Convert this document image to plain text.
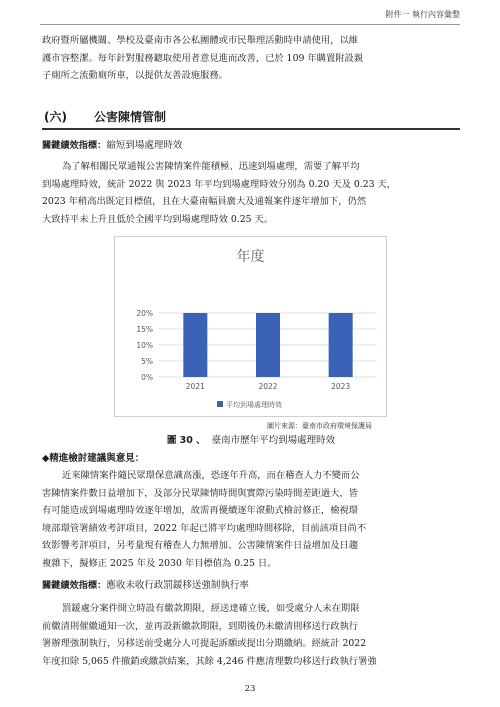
附件一 執行內容彙整

政府暨所屬機關、學校及臺南市各公私團體或市民舉理活動時申請使用，以維

護市容整潔。每年針對服務聽取使用者意見進而改善，已於 109 年購置附設親

子廁所之流動廁所車，以提供友善設施服務。

(六) 公害陳情管制
關鍵績效指標：縮短到場處理時效

為了解相關民眾通報公害陳情案件能積極、迅速到場處理，需要了解平均

到場處理時效，統計 2022 與 2023 年平均到場處理時效分別為 0.20 天及 0.23 天，

2023 年稍高出既定目標值，且在大臺南幅員廣大及通報案件逐年增加下，仍然

大致持平未上升且低於全國平均到場處理時效 0.25 天。

年度
0%
5%
10%
15%
20%
2021	2022	2023
平均到場處理時效
圖片來源：臺南市政府環境保護局
圖 30 、 臺南市歷年平均到場處理時效
◆精進檢討建議與意見：

近來陳情案件隨民眾環保意識高漲，恐逐年升高，而在稽查人力不變而公

害陳情案件數日益增加下，及部分民眾陳情時間與實際污染時間差距過大，皆

有可能造成到場處理時效逐年增加，故需再優續逐年滾動式檢討修正，檢視環

境部環管署績效考評項目，2022 年起已將平均處理時間移除，目前該項目尚不

致影響考評項目，另考量現有稽查人力無增加、公害陳情案件日益增加及日趨

複雜下，擬修正 2025 年及 2030 年目標值為 0.25 日。

關鍵績效指標：應收未收行政罰鍰移送強制執行率

罰鍰處分案件開立時設有繳款期限，經送達確立後，如受處分人未在期限

前繳清則催繳通知一次，並再設新繳款期限，到期後仍未繳清則移送行政執行

署辦理強制執行，另移送前受處分人可提起訴願或提出分期繳納。經統計 2022

年度扣除 5,065 件撤銷或繳款結案，其餘 4,246 件應清理數均移送行政執行署強

23
